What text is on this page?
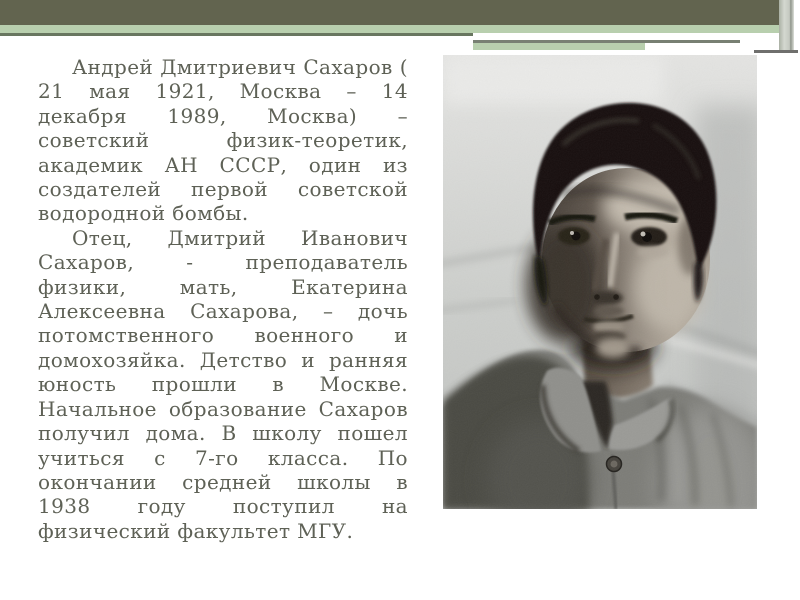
Андрей Дмитриевич Сахаров ( 21 мая 1921, Москва – 14 декабря 1989, Москва) – советский физик-теоретик, академик АН СССР, один из создателей первой советской водородной бомбы.

Отец, Дмитрий Иванович Сахаров, - преподаватель физики, мать, Екатерина Алексеевна Сахарова, – дочь потомственного военного и домохозяйка. Детство и ранняя юность прошли в Москве. Начальное образование Сахаров получил дома. В школу пошел учиться с 7-го класса. По окончании средней школы в 1938 году поступил на физический факультет МГУ.
